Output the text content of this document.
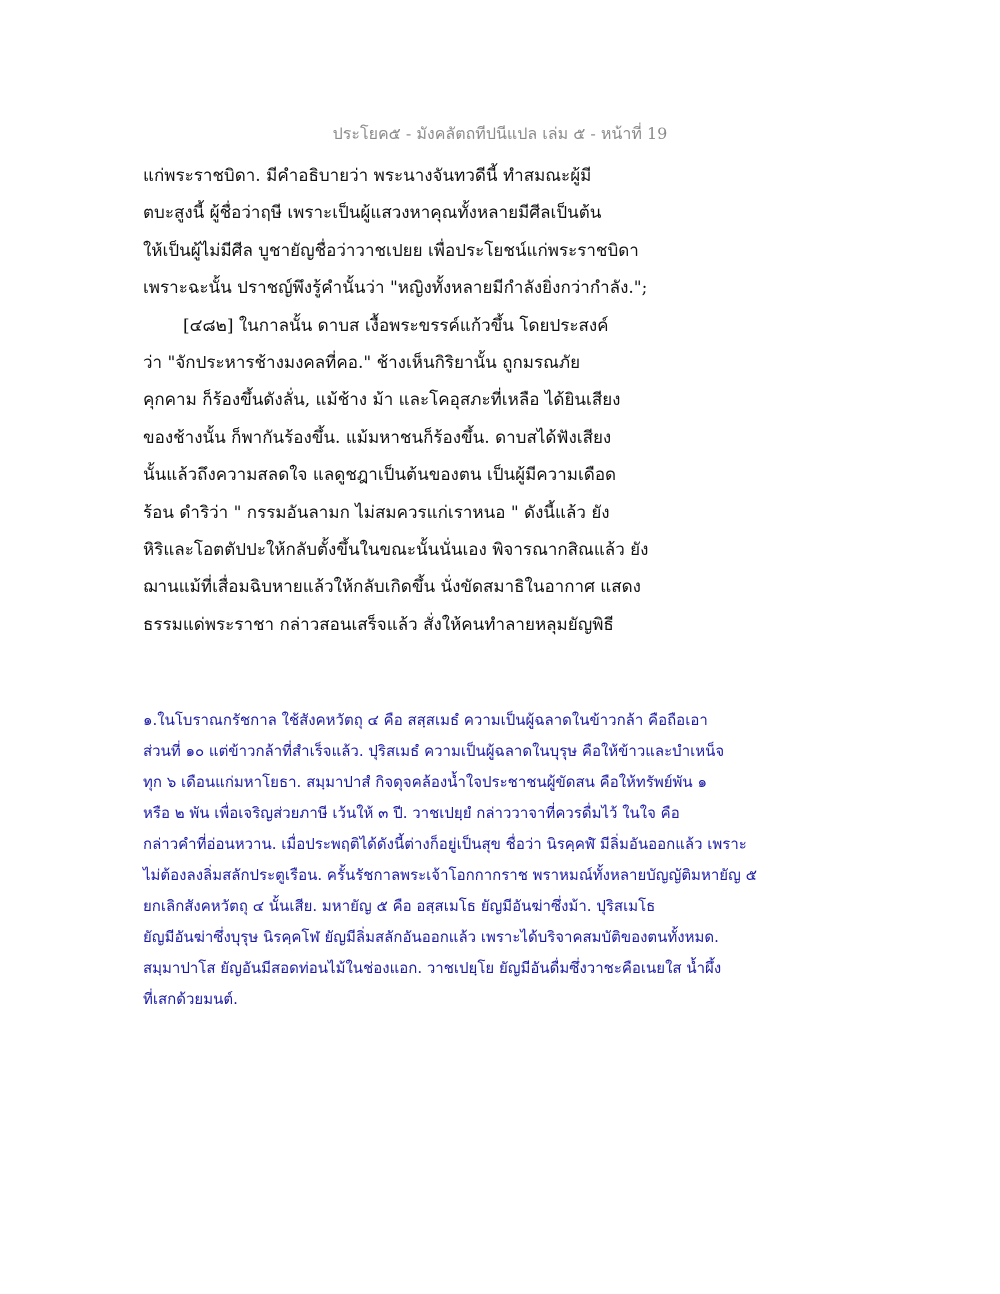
ประโยค๕ - มังคลัตถทีปนีแปล เล่ม ๕ - หน้าที่ 19
แก่พระราชบิดา. มีคำอธิบายว่า พระนางจันทวดีนี้ ทำสมณะผู้มี
ตบะสูงนี้ ผู้ชื่อว่าฤษี เพราะเป็นผู้แสวงหาคุณทั้งหลายมีศีลเป็นต้น
ให้เป็นผู้ไม่มีศีล บูชายัญชื่อว่าวาชเปยย เพื่อประโยชน์แก่พระราชบิดา
เพราะฉะนั้น ปราชญ์พึงรู้คำนั้นว่า "หญิงทั้งหลายมีกำลังยิ่งกว่ากำลัง.";
[๔๘๒] ในกาลนั้น ดาบส เงื้อพระขรรค์แก้วขึ้น โดยประสงค์
ว่า "จักประหารช้างมงคลที่คอ." ช้างเห็นกิริยานั้น ถูกมรณภัย
คุกคาม ก็ร้องขึ้นดังลั่น, แม้ช้าง ม้า และโคอุสภะที่เหลือ ได้ยินเสียง
ของช้างนั้น ก็พากันร้องขึ้น. แม้มหาชนก็ร้องขึ้น. ดาบสได้ฟังเสียง
นั้นแล้วถึงความสลดใจ แลดูชฎาเป็นต้นของตน เป็นผู้มีความเดือด
ร้อน ดำริว่า " กรรมอันลามก ไม่สมควรแก่เราหนอ " ดังนี้แล้ว ยัง
หิริและโอตตัปปะให้กลับตั้งขึ้นในขณะนั้นนั่นเอง พิจารณากสิณแล้ว ยัง
ฌานแม้ที่เสื่อมฉิบหายแล้วให้กลับเกิดขึ้น นั่งขัดสมาธิในอากาศ แสดง
ธรรมแด่พระราชา กล่าวสอนเสร็จแล้ว สั่งให้คนทำลายหลุมยัญพิธี
๑.ในโบราณกรัชกาล ใช้สังคหวัตถุ ๔ คือ สสฺสเมธํ ความเป็นผู้ฉลาดในข้าวกล้า คือถือเอา
ส่วนที่ ๑๐ แต่ข้าวกล้าที่สำเร็จแล้ว. ปุริสเมธํ ความเป็นผู้ฉลาดในบุรุษ คือให้ข้าวและบำเหน็จ
ทุก ๖ เดือนแก่มหาโยธา. สมฺมาปาสํ กิจดุจคล้องน้ำใจประชาชนผู้ขัดสน คือให้ทรัพย์พัน ๑
หรือ ๒ พัน เพื่อเจริญส่วยภาษี เว้นให้ ๓ ปี. วาชเปยฺยํ กล่าววาจาที่ควรดื่มไว้ ในใจ คือ
กล่าวคำที่อ่อนหวาน. เมื่อประพฤติได้ดังนี้ต่างก็อยู่เป็นสุข ชื่อว่า นิรคฺคฬํ มีลิ่มอันออกแล้ว เพราะ
ไม่ต้องลงลิ่มสลักประตูเรือน. ครั้นรัชกาลพระเจ้าโอกกากราช พราหมณ์ทั้งหลายบัญญัติมหายัญ ๕
ยกเลิกสังคหวัตถุ ๔ นั้นเสีย. มหายัญ ๕ คือ อสฺสเมโธ ยัญมีอันฆ่าซึ่งม้า. ปุริสเมโธ
ยัญมีอันฆ่าซึ่งบุรุษ นิรคฺคโฬ ยัญมีลิ่มสลักอันออกแล้ว เพราะได้บริจาคสมบัติของตนทั้งหมด.
สมฺมาปาโส ยัญอันมีสอดท่อนไม้ในช่องแอก. วาชเปยฺโย ยัญมีอันดื่มซึ่งวาชะคือเนยใส น้ำผึ้ง
ที่เสกด้วยมนต์.
